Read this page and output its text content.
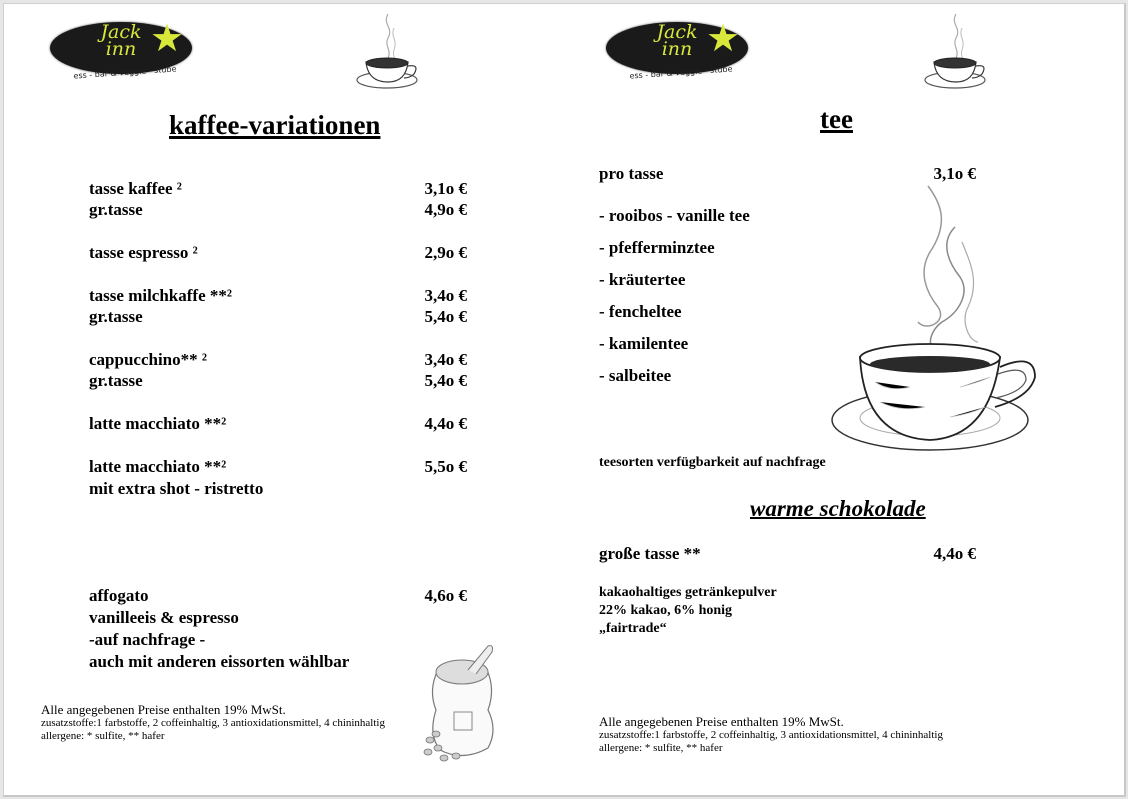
Jack
inn ★
ess - bar & veggie - stube
kaffee-variationen
tasse kaffee ²	3,1o €
gr.tasse	4,9o €
tasse espresso ²	2,9o €
tasse milchkaffe **²	3,4o €
gr.tasse	5,4o €
cappucchino** ²	3,4o €
gr.tasse	5,4o €
latte macchiato **²	4,4o €
latte macchiato **²	5,5o €
mit extra shot - ristretto
affogato	4,6o €
vanilleeis & espresso
-auf nachfrage -
auch mit anderen eissorten wählbar
Alle angegebenen Preise enthalten 19% MwSt.
zusatzstoffe:1 farbstoffe, 2 coffeinhaltig, 3 antioxidationsmittel, 4 chininhaltig
allergene: * sulfite, ** hafer
Jack
inn ★
ess - bar & veggie - stube
tee
pro tasse	3,1o €
- rooibos - vanille tee
- pfefferminztee
- kräutertee
- fencheltee
- kamilentee
- salbeitee
teesorten verfügbarkeit auf nachfrage
warme schokolade
große tasse **	4,4o €
kakaohaltiges getränkepulver
22% kakao, 6% honig
„fairtrade“
Alle angegebenen Preise enthalten 19% MwSt.
zusatzstoffe:1 farbstoffe, 2 coffeinhaltig, 3 antioxidationsmittel, 4 chininhaltig
allergene: * sulfite, ** hafer
